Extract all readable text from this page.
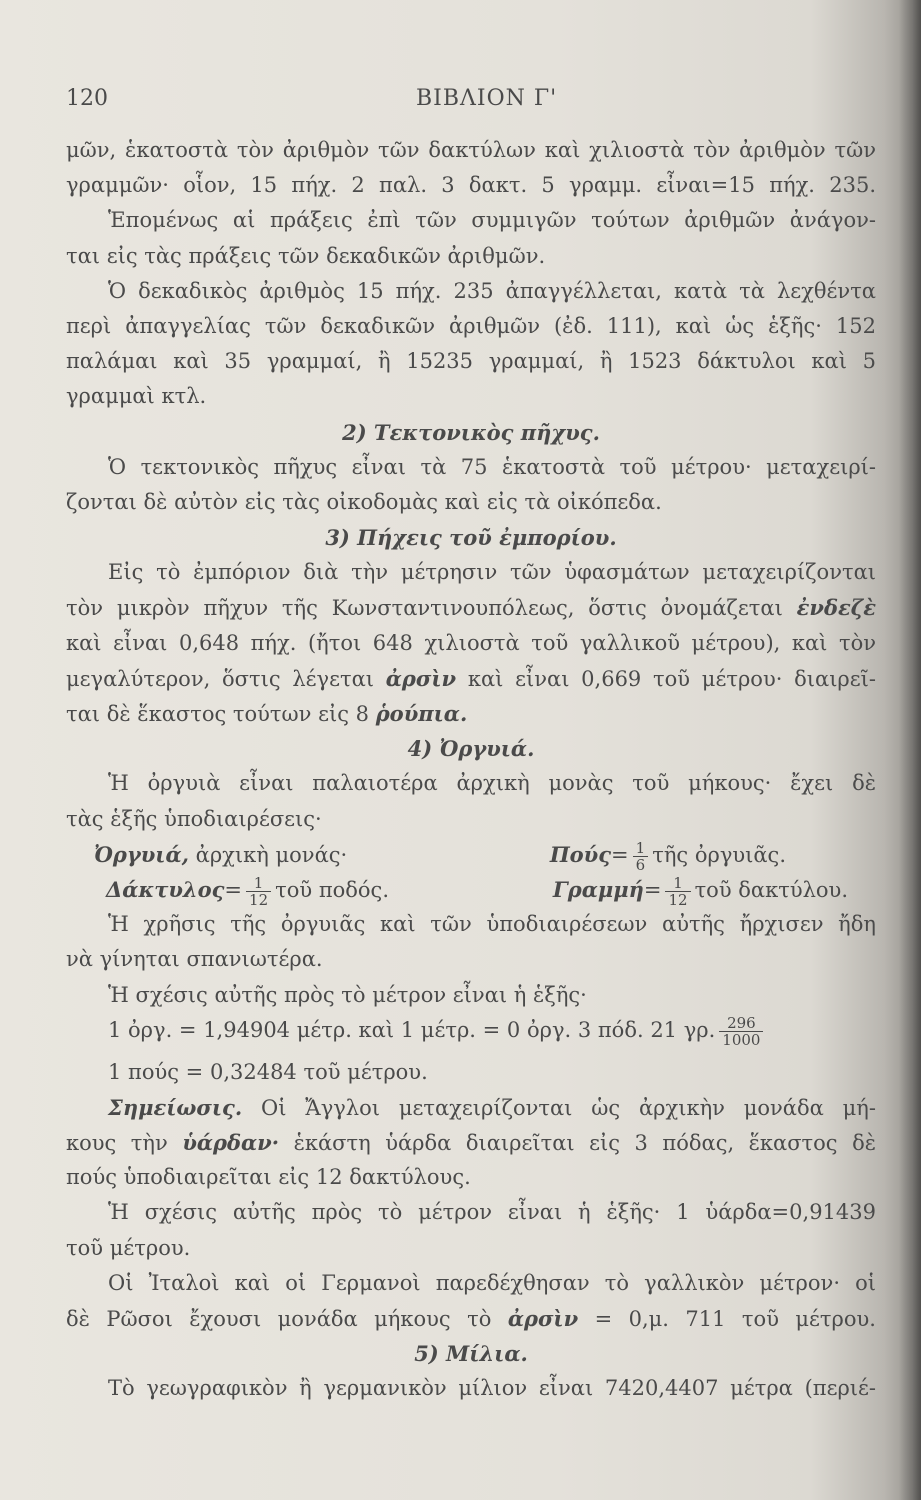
120	ΒΙΒΛΙΟΝ Γ'
μῶν, ἑκατοστὰ τὸν ἀριθμὸν τῶν δακτύλων καὶ χιλιοστὰ τὸν ἀριθμὸν τῶν
γραμμῶν· οἷον, 15 πήχ. 2 παλ. 3 δακτ. 5 γραμμ. εἶναι=15 πήχ. 235.
Ἑπομένως αἱ πράξεις ἐπὶ τῶν συμμιγῶν τούτων ἀριθμῶν ἀνάγον-
ται εἰς τὰς πράξεις τῶν δεκαδικῶν ἀριθμῶν.
Ὁ δεκαδικὸς ἀριθμὸς 15 πήχ. 235 ἀπαγγέλλεται, κατὰ τὰ λεχθέντα
περὶ ἀπαγγελίας τῶν δεκαδικῶν ἀριθμῶν (ἐδ. 111), καὶ ὡς ἑξῆς· 152
παλάμαι καὶ 35 γραμμαί, ἢ 15235 γραμμαί, ἢ 1523 δάκτυλοι καὶ 5
γραμμαὶ κτλ.
2) Τεκτονικὸς πῆχυς.
Ὁ τεκτονικὸς πῆχυς εἶναι τὰ 75 ἑκατοστὰ τοῦ μέτρου· μεταχειρί-
ζονται δὲ αὐτὸν εἰς τὰς οἰκοδομὰς καὶ εἰς τὰ οἰκόπεδα.
3) Πήχεις τοῦ ἐμπορίου.
Εἰς τὸ ἐμπόριον διὰ τὴν μέτρησιν τῶν ὑφασμάτων μεταχειρίζονται
τὸν μικρὸν πῆχυν τῆς Κωνσταντινουπόλεως, ὅστις ὀνομάζεται ἐνδεζὲ
καὶ εἶναι 0,648 πήχ. (ἤτοι 648 χιλιοστὰ τοῦ γαλλικοῦ μέτρου), καὶ τὸν
μεγαλύτερον, ὅστις λέγεται ἀρσὶν καὶ εἶναι 0,669 τοῦ μέτρου· διαιρεῖ-
ται δὲ ἕκαστος τούτων εἰς 8 ῥούπια.
4) Ὀργυιά.
Ἡ ὀργυιὰ εἶναι παλαιοτέρα ἀρχικὴ μονὰς τοῦ μήκους· ἔχει δὲ
τὰς ἑξῆς ὑποδιαιρέσεις·
Ὀργυιά, ἀρχικὴ μονάς·	$\Pi oύ\varsigma= \frac{1}{6}$ τῆς ὀργυιᾶς.
$\Delta ά\kappa\tau\upsilon\lambda o\varsigma= \frac{1}{12}$ τοῦ ποδός.	$\Gamma\rho\alpha\mu\mu ή= \frac{1}{12}$ τοῦ δακτύλου.
Ἡ χρῆσις τῆς ὀργυιᾶς καὶ τῶν ὑποδιαιρέσεων αὐτῆς ἤρχισεν ἤδη
νὰ γίνηται σπανιωτέρα.
Ἡ σχέσις αὐτῆς πρὸς τὸ μέτρον εἶναι ἡ ἑξῆς·
1 ὀργ. = 1,94904 μέτρ. καὶ 1 μέτρ. = 0 ὀργ. 3 πόδ. 21 γρ. $\frac{296}{1000}$
1 πούς = 0,32484 τοῦ μέτρου.
Σημείωσις. Οἱ Ἄγγλοι μεταχειρίζονται ὡς ἀρχικὴν μονάδα μή-
κους τὴν ὑάρδαν· ἑκάστη ὑάρδα διαιρεῖται εἰς 3 πόδας, ἕκαστος δὲ
πούς ὑποδιαιρεῖται εἰς 12 δακτύλους.
Ἡ σχέσις αὐτῆς πρὸς τὸ μέτρον εἶναι ἡ ἑξῆς· 1 ὑάρδα=0,91439
τοῦ μέτρου.
Οἱ Ἰταλοὶ καὶ οἱ Γερμανοὶ παρεδέχθησαν τὸ γαλλικὸν μέτρον· οἱ
δὲ Ρῶσοι ἔχουσι μονάδα μήκους τὸ ἀρσὶν = 0,μ. 711 τοῦ μέτρου.
5) Μίλια.
Τὸ γεωγραφικὸν ἢ γερμανικὸν μίλιον εἶναι 7420,4407 μέτρα (περιέ-
